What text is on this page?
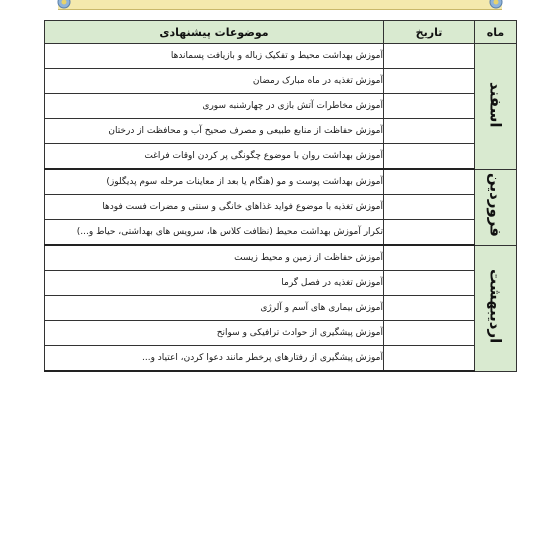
ماه	تاریخ	موضوعات پیشنهادی
اسفند		آموزش بهداشت محیط و تفکیک زباله و بازیافت پسماندها
		آموزش تغذیه در ماه مبارک رمضان
		آموزش مخاطرات آتش بازی در چهارشنبه سوری
		آموزش حفاظت از منابع طبیعی و مصرف صحیح آب و محافظت از درختان
		آموزش بهداشت روان با موضوع چگونگی پر کردن اوقات فراغت
فروردین		آموزش بهداشت پوست و مو (هنگام یا بعد از معاینات مرحله سوم پدیگلوز)
		آموزش تغذیه با موضوع فواید غذاهای خانگی و سنتی و مضرات فست فودها
		تکرار آموزش بهداشت محیط (نظافت کلاس ها، سرویس های بهداشتی، حیاط و...)
اردیبهشت		آموزش حفاظت از زمین و محیط زیست
		آموزش تغذیه در فصل گرما
		آموزش بیماری های آسم و آلرژی
		آموزش پیشگیری از حوادث ترافیکی و سوانح
		آموزش پیشگیری از رفتارهای پرخطر مانند دعوا کردن، اعتیاد و...
